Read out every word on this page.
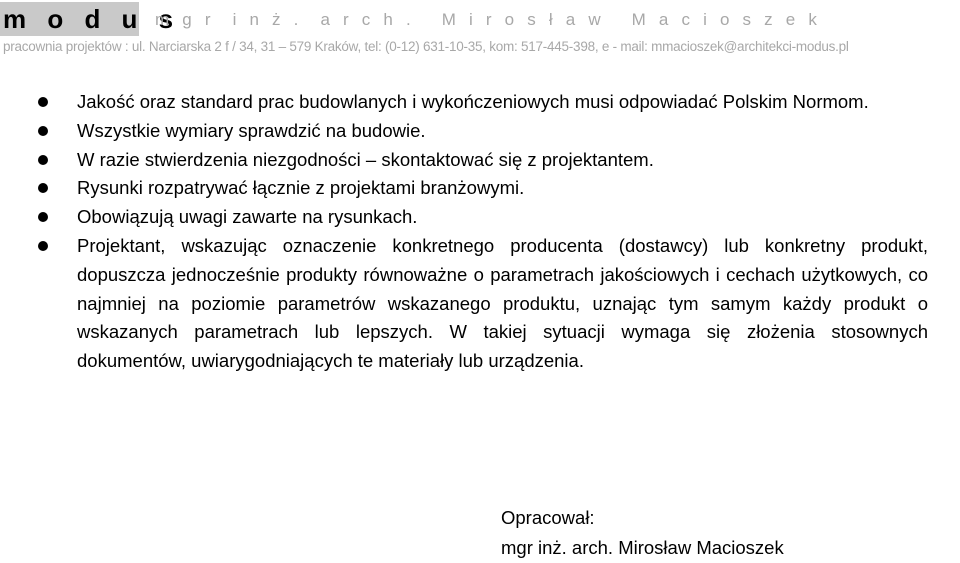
m o d u s
m g r  i n ż .  a r c h .   M i r o s ł a w   M a c i o s z e k
pracownia projektów : ul. Narciarska 2 f / 34, 31 – 579 Kraków, tel: (0-12) 631-10-35, kom: 517-445-398, e - mail: mmacioszek@architekci-modus.pl
Jakość oraz standard prac budowlanych i wykończeniowych musi odpowiadać Polskim Normom.
Wszystkie wymiary sprawdzić na budowie.
W razie stwierdzenia niezgodności – skontaktować się z projektantem.
Rysunki rozpatrywać łącznie z projektami branżowymi.
Obowiązują uwagi zawarte na rysunkach.
Projektant, wskazując oznaczenie konkretnego producenta (dostawcy) lub konkretny produkt, dopuszcza jednocześnie produkty równoważne o parametrach jakościowych i cechach użytkowych, co najmniej na poziomie parametrów wskazanego produktu, uznając tym samym każdy produkt o wskazanych parametrach lub lepszych. W takiej sytuacji wymaga się złożenia stosownych dokumentów, uwiarygodniających te materiały lub urządzenia.
Opracował:
mgr inż. arch. Mirosław Macioszek
